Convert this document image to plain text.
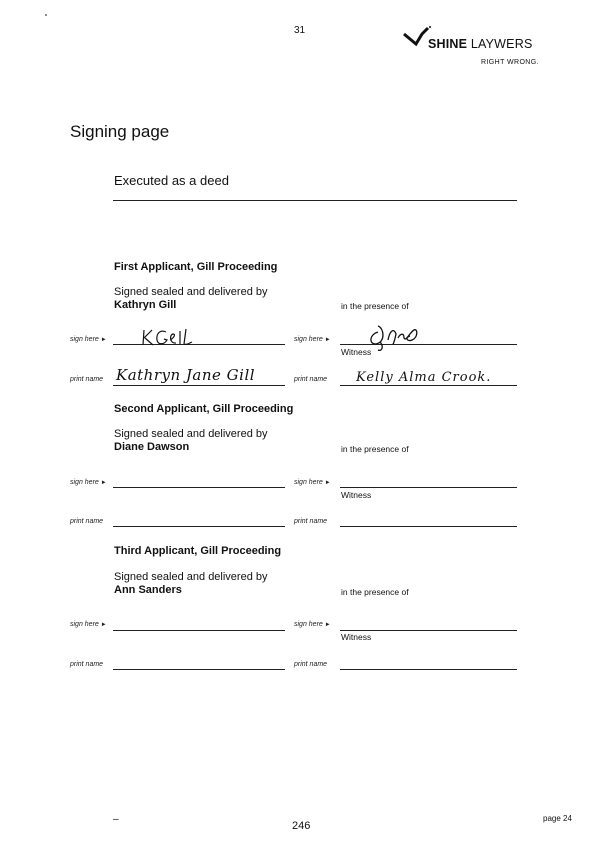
31
SHINE LAYWERS
RIGHT WRONG.
Signing page
Executed as a deed
First Applicant, Gill Proceeding
Signed sealed and delivered by
Kathryn Gill	in the presence of
sign here ►	sign here ►
Witness
print name Kathryn Jane Gill	print name Kelly Alma Crook.
Second Applicant, Gill Proceeding
Signed sealed and delivered by
Diane Dawson	in the presence of
sign here ►	sign here ►
Witness
print name	print name
Third Applicant, Gill Proceeding
Signed sealed and delivered by
Ann Sanders	in the presence of
sign here ►	sign here ►
Witness
print name	print name
–
246
page 24
